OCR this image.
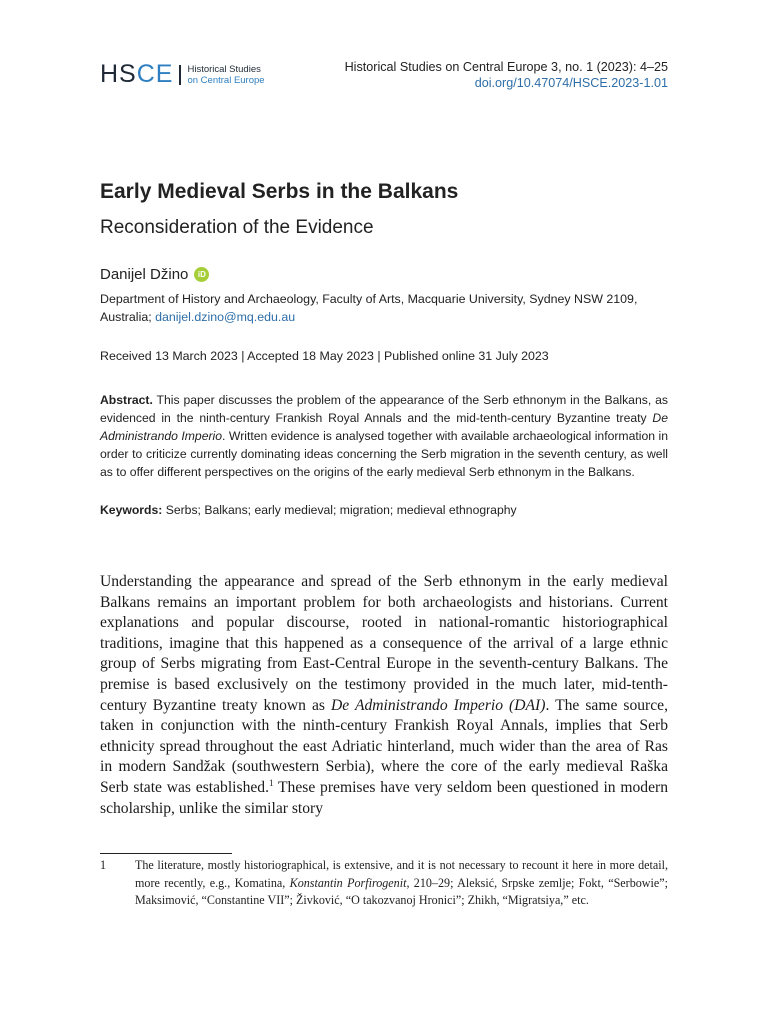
HSCE Historical Studies
on Central Europe
Historical Studies on Central Europe 3, no. 1 (2023): 4–25
doi.org/10.47074/HSCE.2023-1.01
Early Medieval Serbs in the Balkans
Reconsideration of the Evidence
Danijel Džino	iD
Department of History and Archaeology, Faculty of Arts, Macquarie University, Sydney NSW 2109, Australia; danijel.dzino@mq.edu.au
Received 13 March 2023 | Accepted 18 May 2023 | Published online 31 July 2023
Abstract. This paper discusses the problem of the appearance of the Serb ethnonym in the Balkans, as evidenced in the ninth-century Frankish Royal Annals and the mid-tenth-century Byzantine treaty De Administrando Imperio. Written evidence is analysed together with available archaeological information in order to criticize currently dominating ideas concerning the Serb migration in the seventh century, as well as to offer different perspectives on the origins of the early medieval Serb ethnonym in the Balkans.
Keywords: Serbs; Balkans; early medieval; migration; medieval ethnography
Understanding the appearance and spread of the Serb ethnonym in the early medieval Balkans remains an important problem for both archaeologists and historians. Current explanations and popular discourse, rooted in national-romantic historiographical traditions, imagine that this happened as a consequence of the arrival of a large ethnic group of Serbs migrating from East-Central Europe in the seventh-century Balkans. The premise is based exclusively on the testimony provided in the much later, mid-tenth-century Byzantine treaty known as De Administrando Imperio (DAI). The same source, taken in conjunction with the ninth-century Frankish Royal Annals, implies that Serb ethnicity spread throughout the east Adriatic hinterland, much wider than the area of Ras in modern Sandžak (southwestern Serbia), where the core of the early medieval Raška Serb state was established.$^1$ These premises have very seldom been questioned in modern scholarship, unlike the similar story
1	The literature, mostly historiographical, is extensive, and it is not necessary to recount it here in more detail, more recently, e.g., Komatina, Konstantin Porfirogenit, 210–29; Aleksić, Srpske zemlje; Fokt, “Serbowie”; Maksimović, “Constantine VII”; Živković, “O takozvanoj Hronici”; Zhikh, “Migratsiya,” etc.
